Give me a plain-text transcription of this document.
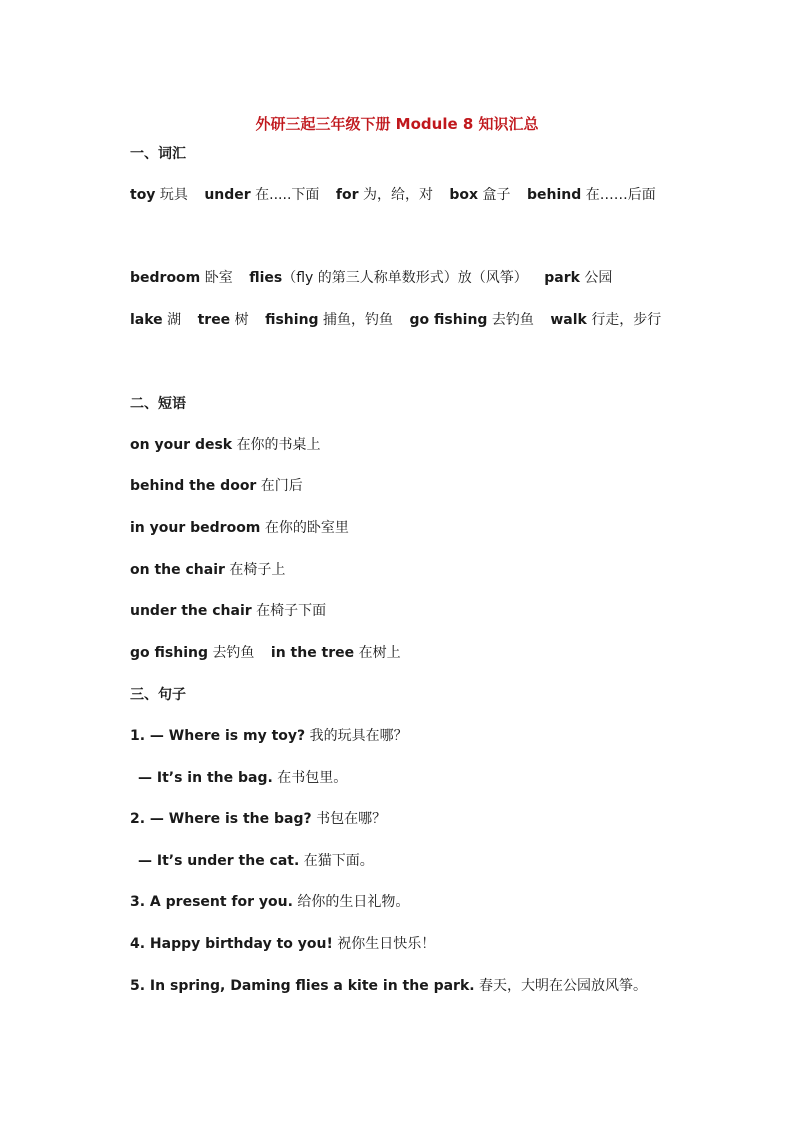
外研三起三年级下册 Module 8 知识汇总
一、词汇
toy 玩具 under 在.....下面 for 为，给，对 box 盒子 behind 在……后面
bedroom 卧室 flies（fly 的第三人称单数形式）放（风筝） park 公园
lake 湖 tree 树 fishing 捕鱼，钓鱼 go fishing 去钓鱼 walk 行走，步行
二、短语
on your desk 在你的书桌上
behind the door 在门后
in your bedroom 在你的卧室里
on the chair 在椅子上
under the chair 在椅子下面
go fishing 去钓鱼 in the tree 在树上
三、句子
1. — Where is my toy? 我的玩具在哪？
— It’s in the bag. 在书包里。
2. — Where is the bag? 书包在哪？
— It’s under the cat. 在猫下面。
3. A present for you. 给你的生日礼物。
4. Happy birthday to you! 祝你生日快乐！
5. In spring, Daming flies a kite in the park. 春天，大明在公园放风筝。
